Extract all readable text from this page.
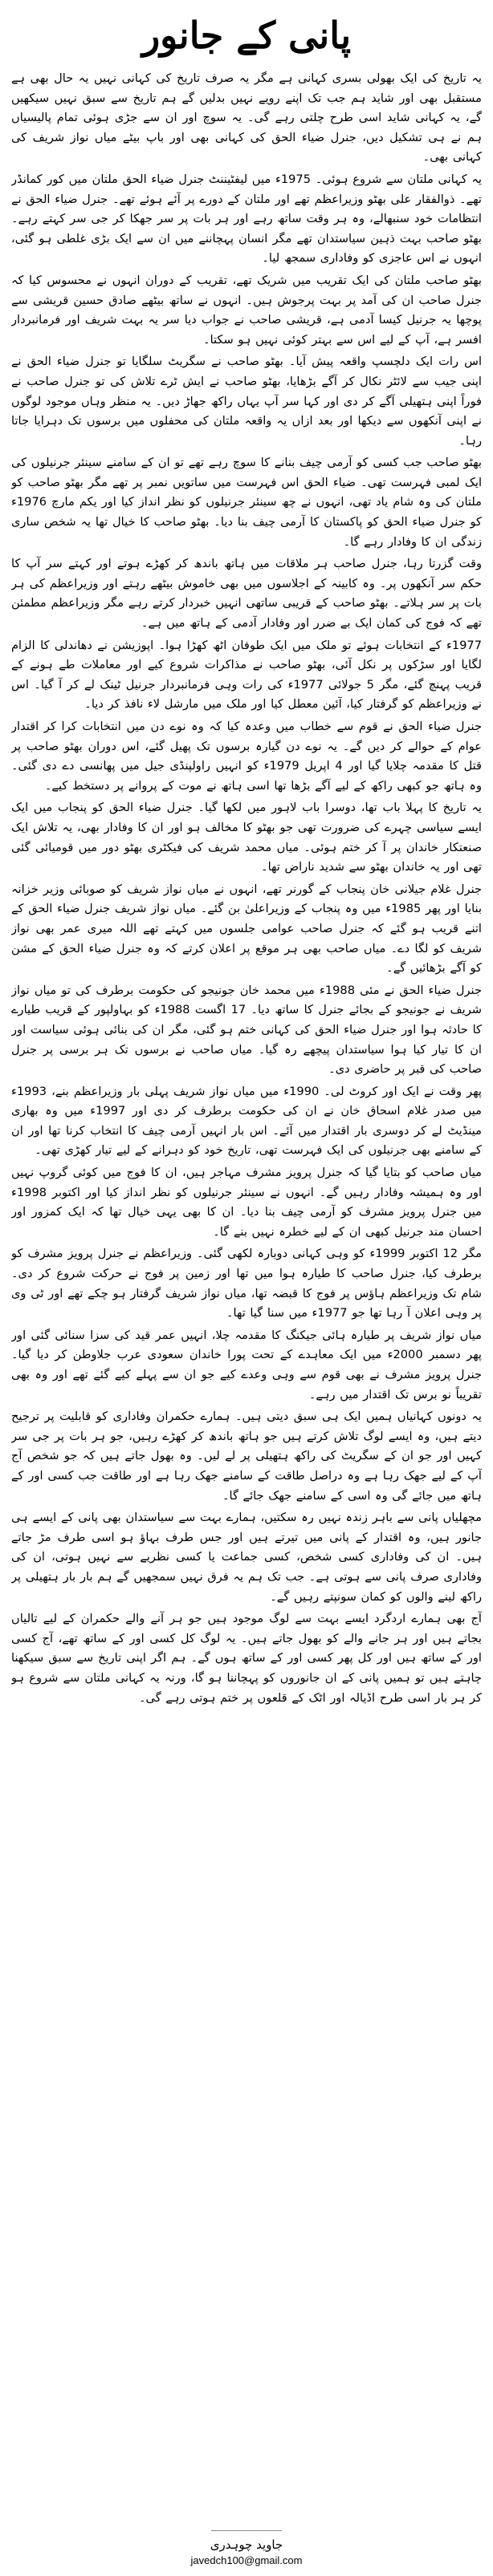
پانی کے جانور

یہ تاریخ کی ایک بھولی بسری کہانی ہے مگر یہ صرف تاریخ کی کہانی نہیں یہ حال بھی ہے مستقبل بھی اور شاید ہم جب تک اپنے رویے نہیں بدلیں گے ہم تاریخ سے سبق نہیں سیکھیں گے، یہ کہانی شاید اسی طرح چلتی رہے گی۔ یہ سوچ اور ان سے جڑی ہوئی تمام پالیسیاں ہم نے ہی تشکیل دیں، جنرل ضیاء الحق کی کہانی بھی اور باپ بیٹے میاں نواز شریف کی کہانی بھی۔

یہ کہانی ملتان سے شروع ہوئی۔ 1975ء میں لیفٹیننٹ جنرل ضیاء الحق ملتان میں کور کمانڈر تھے۔ ذوالفقار علی بھٹو وزیراعظم تھے اور ملتان کے دورے پر آئے ہوئے تھے۔ جنرل ضیاء الحق نے انتظامات خود سنبھالے، وہ ہر وقت ساتھ رہے اور ہر بات پر سر جھکا کر جی سر کہتے رہے۔ بھٹو صاحب بہت ذہین سیاستدان تھے مگر انسان پہچاننے میں ان سے ایک بڑی غلطی ہو گئی، انہوں نے اس عاجزی کو وفاداری سمجھ لیا۔

بھٹو صاحب ملتان کی ایک تقریب میں شریک تھے، تقریب کے دوران انہوں نے محسوس کیا کہ جنرل صاحب ان کی آمد پر بہت پرجوش ہیں۔ انہوں نے ساتھ بیٹھے صادق حسین قریشی سے پوچھا یہ جرنیل کیسا آدمی ہے، قریشی صاحب نے جواب دیا سر یہ بہت شریف اور فرمانبردار افسر ہے، آپ کے لیے اس سے بہتر کوئی نہیں ہو سکتا۔

اس رات ایک دلچسپ واقعہ پیش آیا۔ بھٹو صاحب نے سگریٹ سلگایا تو جنرل ضیاء الحق نے اپنی جیب سے لائٹر نکال کر آگے بڑھایا، بھٹو صاحب نے ایش ٹرے تلاش کی تو جنرل صاحب نے فوراً اپنی ہتھیلی آگے کر دی اور کہا سر آپ یہاں راکھ جھاڑ دیں۔ یہ منظر وہاں موجود لوگوں نے اپنی آنکھوں سے دیکھا اور بعد ازاں یہ واقعہ ملتان کی محفلوں میں برسوں تک دہرایا جاتا رہا۔

بھٹو صاحب جب کسی کو آرمی چیف بنانے کا سوچ رہے تھے تو ان کے سامنے سینئر جرنیلوں کی ایک لمبی فہرست تھی۔ ضیاء الحق اس فہرست میں ساتویں نمبر پر تھے مگر بھٹو صاحب کو ملتان کی وہ شام یاد تھی، انہوں نے چھ سینئر جرنیلوں کو نظر انداز کیا اور یکم مارچ 1976ء کو جنرل ضیاء الحق کو پاکستان کا آرمی چیف بنا دیا۔ بھٹو صاحب کا خیال تھا یہ شخص ساری زندگی ان کا وفادار رہے گا۔

وقت گزرتا رہا، جنرل صاحب ہر ملاقات میں ہاتھ باندھ کر کھڑے ہوتے اور کہتے سر آپ کا حکم سر آنکھوں پر۔ وہ کابینہ کے اجلاسوں میں بھی خاموش بیٹھے رہتے اور وزیراعظم کی ہر بات پر سر ہلاتے۔ بھٹو صاحب کے قریبی ساتھی انہیں خبردار کرتے رہے مگر وزیراعظم مطمئن تھے کہ فوج کی کمان ایک بے ضرر اور وفادار آدمی کے ہاتھ میں ہے۔

1977ء کے انتخابات ہوئے تو ملک میں ایک طوفان اٹھ کھڑا ہوا۔ اپوزیشن نے دھاندلی کا الزام لگایا اور سڑکوں پر نکل آئی، بھٹو صاحب نے مذاکرات شروع کیے اور معاملات طے ہونے کے قریب پہنچ گئے، مگر 5 جولائی 1977ء کی رات وہی فرمانبردار جرنیل ٹینک لے کر آ گیا۔ اس نے وزیراعظم کو گرفتار کیا، آئین معطل کیا اور ملک میں مارشل لاء نافذ کر دیا۔

جنرل ضیاء الحق نے قوم سے خطاب میں وعدہ کیا کہ وہ نوے دن میں انتخابات کرا کر اقتدار عوام کے حوالے کر دیں گے۔ یہ نوے دن گیارہ برسوں تک پھیل گئے، اس دوران بھٹو صاحب پر قتل کا مقدمہ چلایا گیا اور 4 اپریل 1979ء کو انہیں راولپنڈی جیل میں پھانسی دے دی گئی۔ وہ ہاتھ جو کبھی راکھ کے لیے آگے بڑھا تھا اسی ہاتھ نے موت کے پروانے پر دستخط کیے۔

یہ تاریخ کا پہلا باب تھا، دوسرا باب لاہور میں لکھا گیا۔ جنرل ضیاء الحق کو پنجاب میں ایک ایسے سیاسی چہرے کی ضرورت تھی جو بھٹو کا مخالف ہو اور ان کا وفادار بھی، یہ تلاش ایک صنعتکار خاندان پر آ کر ختم ہوئی۔ میاں محمد شریف کی فیکٹری بھٹو دور میں قومیائی گئی تھی اور یہ خاندان بھٹو سے شدید ناراض تھا۔

جنرل غلام جیلانی خان پنجاب کے گورنر تھے، انہوں نے میاں نواز شریف کو صوبائی وزیر خزانہ بنایا اور پھر 1985ء میں وہ پنجاب کے وزیراعلیٰ بن گئے۔ میاں نواز شریف جنرل ضیاء الحق کے اتنے قریب ہو گئے کہ جنرل صاحب عوامی جلسوں میں کہتے تھے اللہ میری عمر بھی نواز شریف کو لگا دے۔ میاں صاحب بھی ہر موقع پر اعلان کرتے کہ وہ جنرل ضیاء الحق کے مشن کو آگے بڑھائیں گے۔

جنرل ضیاء الحق نے مئی 1988ء میں محمد خان جونیجو کی حکومت برطرف کی تو میاں نواز شریف نے جونیجو کے بجائے جنرل کا ساتھ دیا۔ 17 اگست 1988ء کو بہاولپور کے قریب طیارے کا حادثہ ہوا اور جنرل ضیاء الحق کی کہانی ختم ہو گئی، مگر ان کی بنائی ہوئی سیاست اور ان کا تیار کیا ہوا سیاستدان پیچھے رہ گیا۔ میاں صاحب نے برسوں تک ہر برسی پر جنرل صاحب کی قبر پر حاضری دی۔

پھر وقت نے ایک اور کروٹ لی۔ 1990ء میں میاں نواز شریف پہلی بار وزیراعظم بنے، 1993ء میں صدر غلام اسحاق خان نے ان کی حکومت برطرف کر دی اور 1997ء میں وہ بھاری مینڈیٹ لے کر دوسری بار اقتدار میں آئے۔ اس بار انہیں آرمی چیف کا انتخاب کرنا تھا اور ان کے سامنے بھی جرنیلوں کی ایک فہرست تھی، تاریخ خود کو دہرانے کے لیے تیار کھڑی تھی۔

میاں صاحب کو بتایا گیا کہ جنرل پرویز مشرف مہاجر ہیں، ان کا فوج میں کوئی گروپ نہیں اور وہ ہمیشہ وفادار رہیں گے۔ انہوں نے سینئر جرنیلوں کو نظر انداز کیا اور اکتوبر 1998ء میں جنرل پرویز مشرف کو آرمی چیف بنا دیا۔ ان کا بھی یہی خیال تھا کہ ایک کمزور اور احسان مند جرنیل کبھی ان کے لیے خطرہ نہیں بنے گا۔

مگر 12 اکتوبر 1999ء کو وہی کہانی دوبارہ لکھی گئی۔ وزیراعظم نے جنرل پرویز مشرف کو برطرف کیا، جنرل صاحب کا طیارہ ہوا میں تھا اور زمین پر فوج نے حرکت شروع کر دی۔ شام تک وزیراعظم ہاؤس پر فوج کا قبضہ تھا، میاں نواز شریف گرفتار ہو چکے تھے اور ٹی وی پر وہی اعلان آ رہا تھا جو 1977ء میں سنا گیا تھا۔

میاں نواز شریف پر طیارہ ہائی جیکنگ کا مقدمہ چلا، انہیں عمر قید کی سزا سنائی گئی اور پھر دسمبر 2000ء میں ایک معاہدے کے تحت پورا خاندان سعودی عرب جلاوطن کر دیا گیا۔ جنرل پرویز مشرف نے بھی قوم سے وہی وعدے کیے جو ان سے پہلے کیے گئے تھے اور وہ بھی تقریباً نو برس تک اقتدار میں رہے۔

یہ دونوں کہانیاں ہمیں ایک ہی سبق دیتی ہیں۔ ہمارے حکمران وفاداری کو قابلیت پر ترجیح دیتے ہیں، وہ ایسے لوگ تلاش کرتے ہیں جو ہاتھ باندھ کر کھڑے رہیں، جو ہر بات پر جی سر کہیں اور جو ان کے سگریٹ کی راکھ ہتھیلی پر لے لیں۔ وہ بھول جاتے ہیں کہ جو شخص آج آپ کے لیے جھک رہا ہے وہ دراصل طاقت کے سامنے جھک رہا ہے اور طاقت جب کسی اور کے ہاتھ میں جائے گی وہ اسی کے سامنے جھک جائے گا۔

مچھلیاں پانی سے باہر زندہ نہیں رہ سکتیں، ہمارے بہت سے سیاستدان بھی پانی کے ایسے ہی جانور ہیں، وہ اقتدار کے پانی میں تیرتے ہیں اور جس طرف بہاؤ ہو اسی طرف مڑ جاتے ہیں۔ ان کی وفاداری کسی شخص، کسی جماعت یا کسی نظریے سے نہیں ہوتی، ان کی وفاداری صرف پانی سے ہوتی ہے۔ جب تک ہم یہ فرق نہیں سمجھیں گے ہم بار بار ہتھیلی پر راکھ لینے والوں کو کمان سونپتے رہیں گے۔

آج بھی ہمارے اردگرد ایسے بہت سے لوگ موجود ہیں جو ہر آنے والے حکمران کے لیے تالیاں بجاتے ہیں اور ہر جانے والے کو بھول جاتے ہیں۔ یہ لوگ کل کسی اور کے ساتھ تھے، آج کسی اور کے ساتھ ہیں اور کل پھر کسی اور کے ساتھ ہوں گے۔ ہم اگر اپنی تاریخ سے سبق سیکھنا چاہتے ہیں تو ہمیں پانی کے ان جانوروں کو پہچاننا ہو گا، ورنہ یہ کہانی ملتان سے شروع ہو کر ہر بار اسی طرح اڈیالہ اور اٹک کے قلعوں پر ختم ہوتی رہے گی۔

جاوید چوہدری
javedch100@gmail.com
